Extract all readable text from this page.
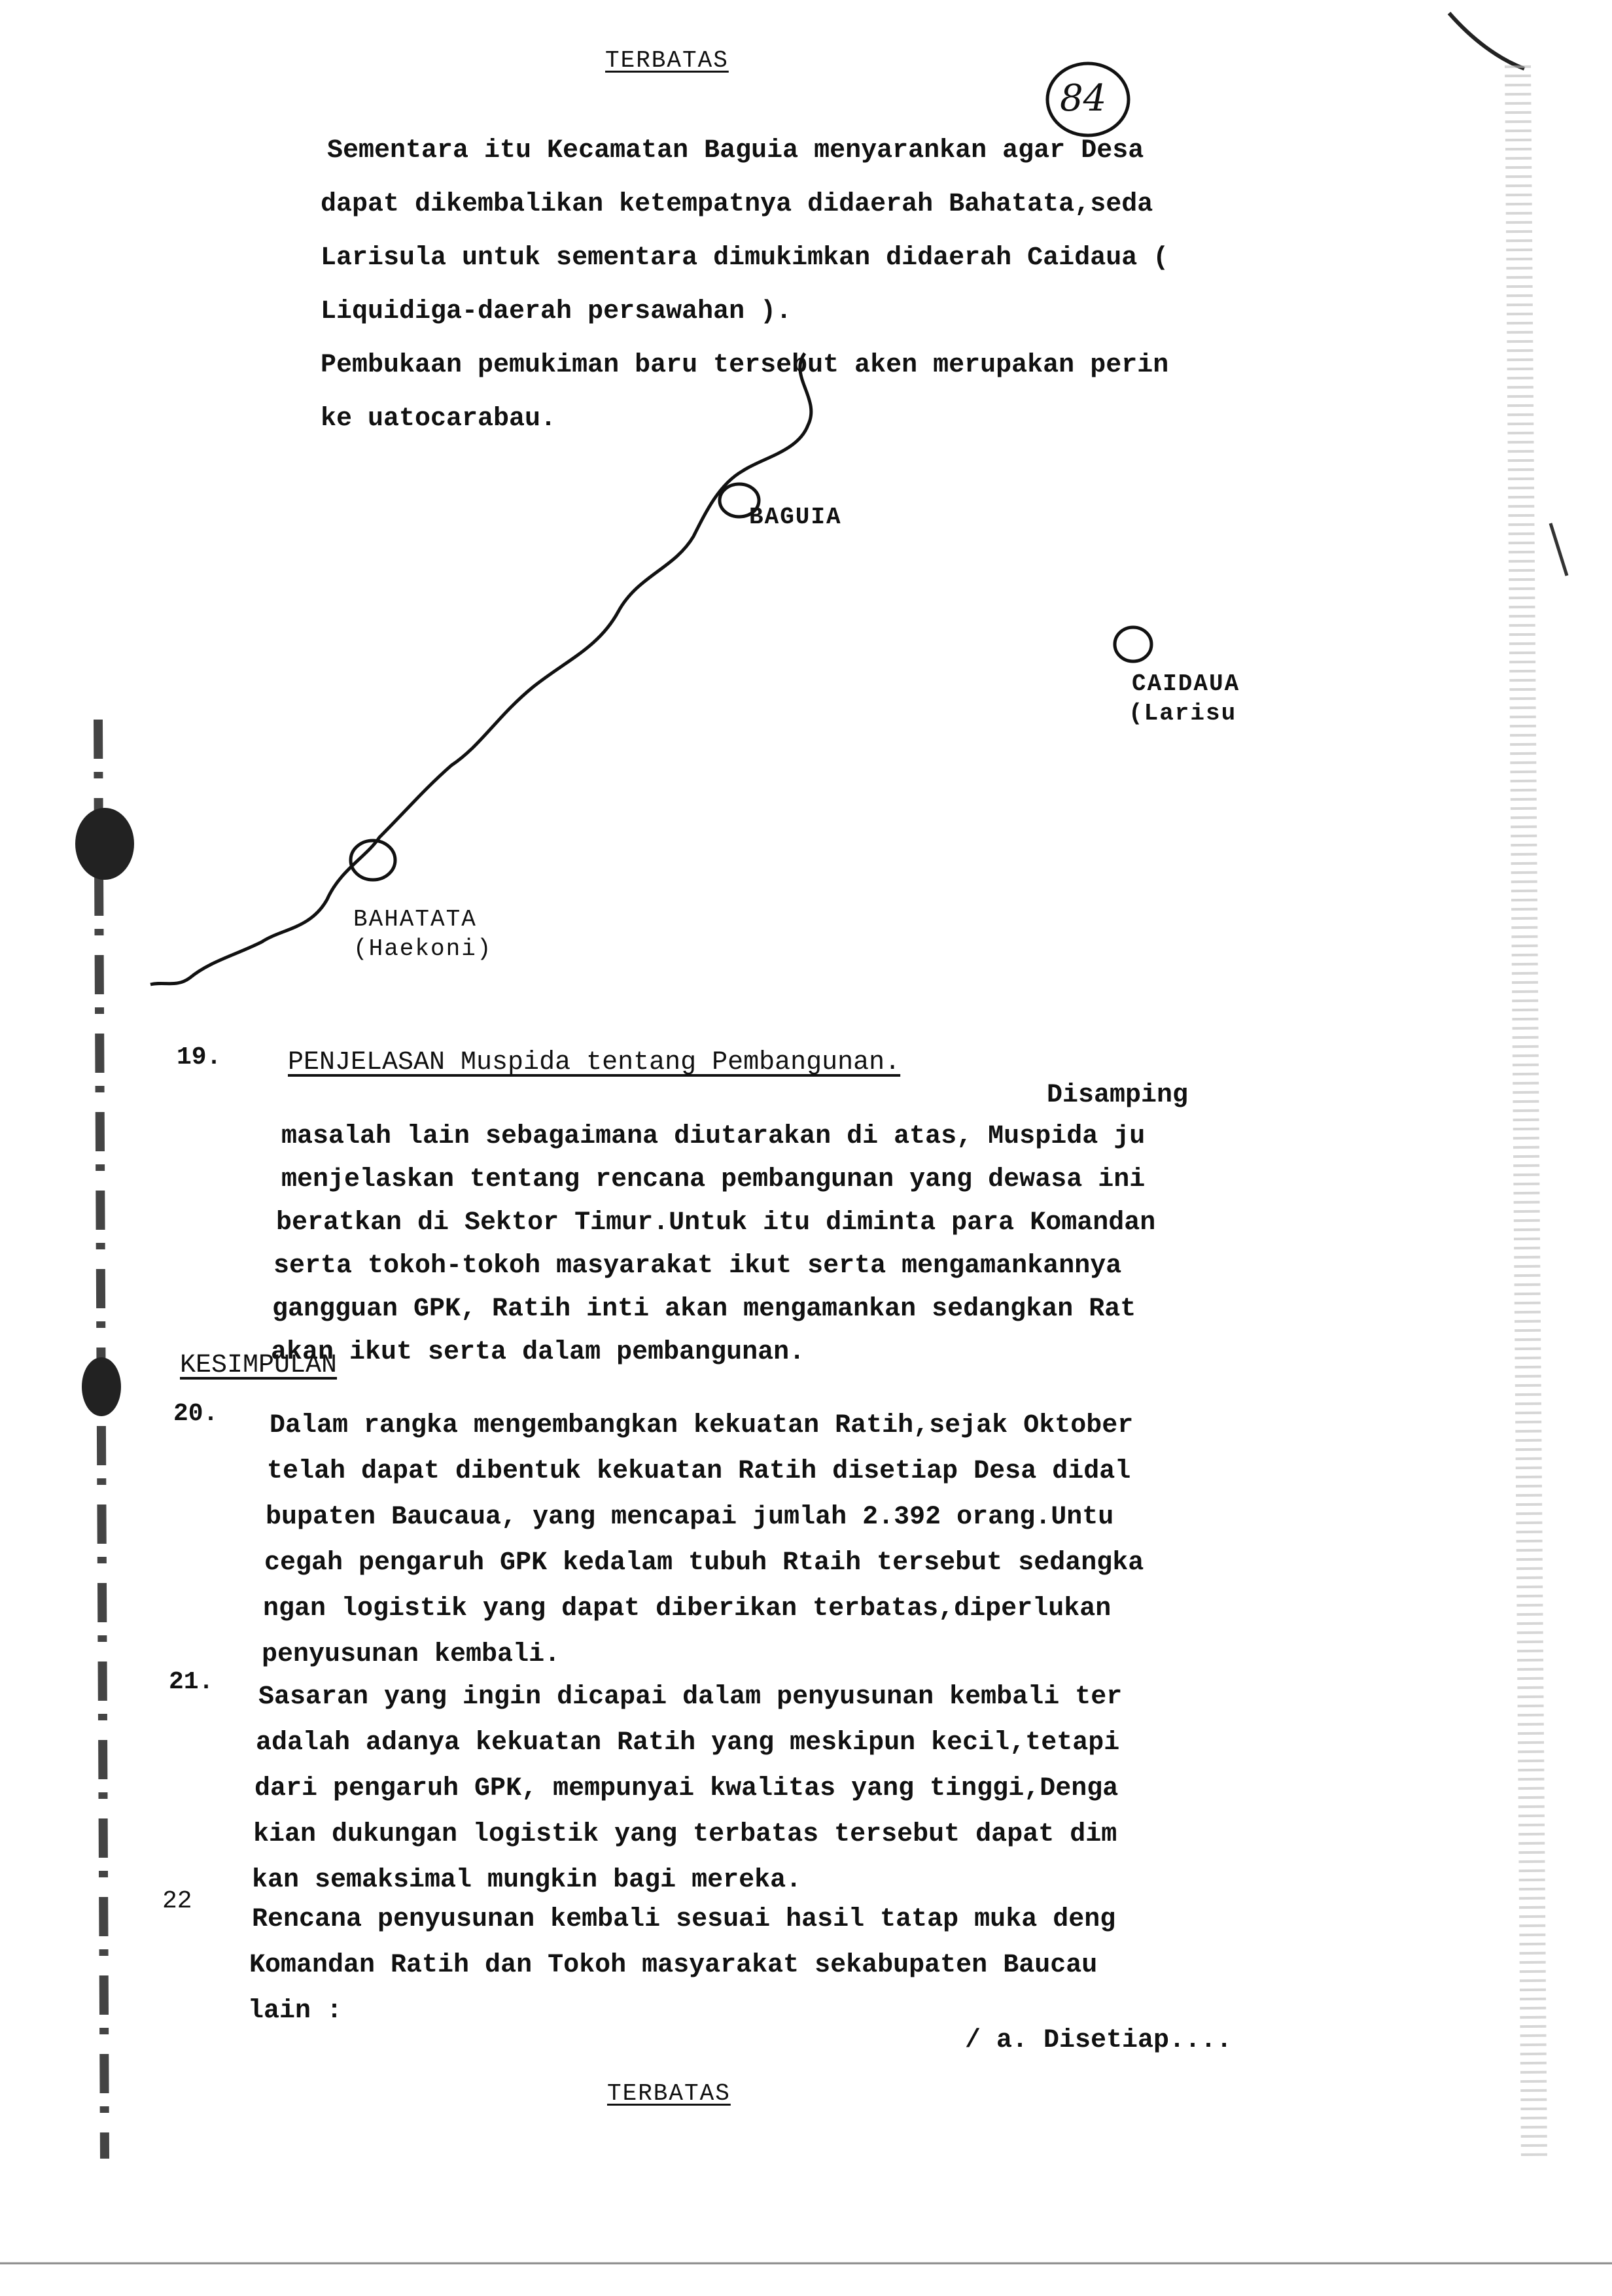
TERBATAS
84
Sementara itu Kecamatan Baguia menyarankan agar Desa
dapat dikembalikan ketempatnya didaerah Bahatata,seda
Larisula untuk sementara dimukimkan didaerah Caidaua (
Liquidiga-daerah persawahan ).
Pembukaan pemukiman baru tersebut aken merupakan perin
ke uatocarabau.
BAGUIA
CAIDAUA
(Larisu
BAHATATA
(Haekoni)
19.	PENJELASAN Muspida tentang Pembangunan.
Disamping
masalah lain sebagaimana diutarakan di atas, Muspida ju
menjelaskan tentang rencana pembangunan yang dewasa ini
beratkan di Sektor Timur.Untuk itu diminta para Komandan
serta tokoh-tokoh masyarakat ikut serta mengamankannya
gangguan GPK, Ratih inti akan mengamankan sedangkan Rat
akan ikut serta dalam pembangunan.
KESIMPULAN
20. Dalam rangka mengembangkan kekuatan Ratih,sejak Oktober
telah dapat dibentuk kekuatan Ratih disetiap Desa didal
bupaten Baucaua, yang mencapai jumlah 2.392 orang.Untu
cegah pengaruh GPK kedalam tubuh Rtaih tersebut sedangka
ngan logistik yang dapat diberikan terbatas,diperlukan
penyusunan kembali.
21.
Sasaran yang ingin dicapai dalam penyusunan kembali ter
adalah adanya kekuatan Ratih yang meskipun kecil,tetapi
dari pengaruh GPK, mempunyai kwalitas yang tinggi,Denga
kian dukungan logistik yang terbatas tersebut dapat dim
kan semaksimal mungkin bagi mereka.
22
Rencana penyusunan kembali sesuai hasil tatap muka deng
Komandan Ratih dan Tokoh masyarakat sekabupaten Baucau
lain :
/ a. Disetiap....
TERBATAS
